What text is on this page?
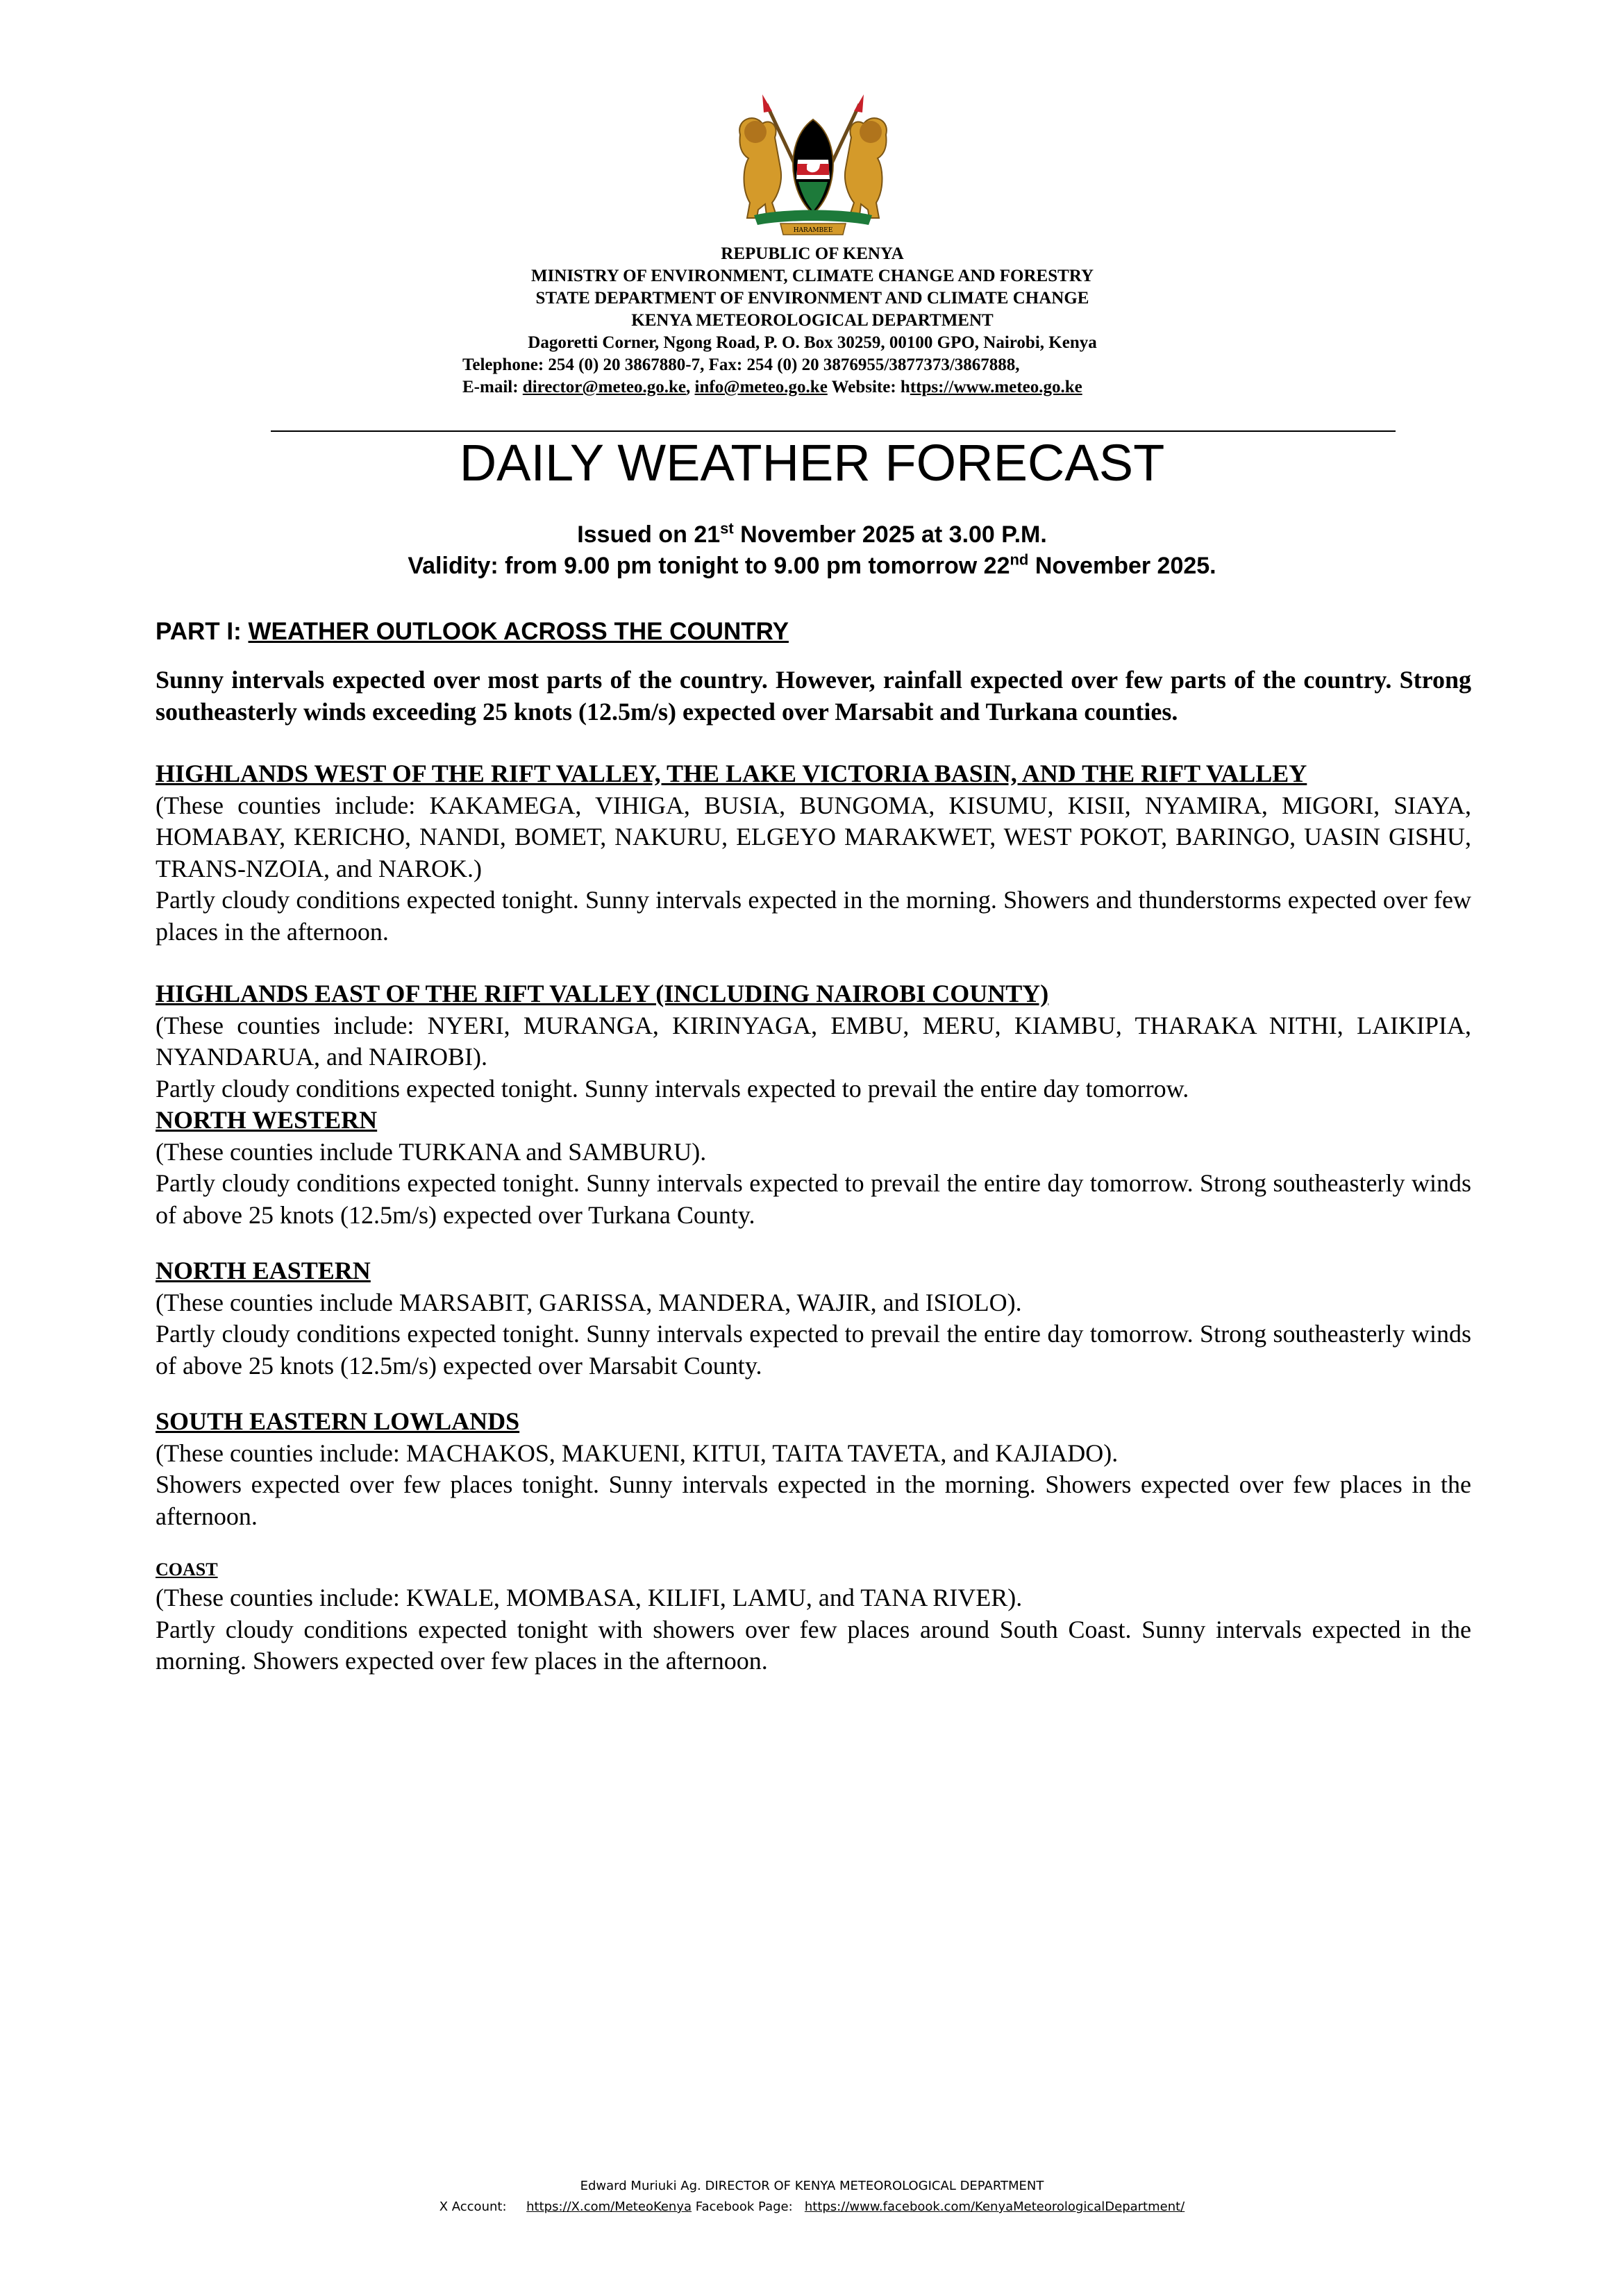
HARAMBEE
REPUBLIC OF KENYA
MINISTRY OF ENVIRONMENT, CLIMATE CHANGE AND FORESTRY
STATE DEPARTMENT OF ENVIRONMENT AND CLIMATE CHANGE
KENYA METEOROLOGICAL DEPARTMENT
Dagoretti Corner, Ngong Road, P. O. Box 30259, 00100 GPO, Nairobi, Kenya
Telephone: 254 (0) 20 3867880-7, Fax: 254 (0) 20 3876955/3877373/3867888,
E-mail: director@meteo.go.ke, info@meteo.go.ke Website: https://www.meteo.go.ke
DAILY WEATHER FORECAST
Issued on 21st November 2025 at 3.00 P.M.
Validity: from 9.00 pm tonight to 9.00 pm tomorrow 22nd November 2025.

PART I: WEATHER OUTLOOK ACROSS THE COUNTRY

Sunny intervals expected over most parts of the country. However, rainfall expected over few parts of the country. Strong southeasterly winds exceeding 25 knots (12.5m/s) expected over Marsabit and Turkana counties.

HIGHLANDS WEST OF THE RIFT VALLEY, THE LAKE VICTORIA BASIN, AND THE RIFT VALLEY
(These counties include: KAKAMEGA, VIHIGA, BUSIA, BUNGOMA, KISUMU, KISII, NYAMIRA, MIGORI, SIAYA, HOMABAY, KERICHO, NANDI, BOMET, NAKURU, ELGEYO MARAKWET, WEST POKOT, BARINGO, UASIN GISHU, TRANS-NZOIA, and NAROK.)
Partly cloudy conditions expected tonight. Sunny intervals expected in the morning. Showers and thunderstorms expected over few places in the afternoon.
HIGHLANDS EAST OF THE RIFT VALLEY (INCLUDING NAIROBI COUNTY)
(These counties include: NYERI, MURANGA, KIRINYAGA, EMBU, MERU, KIAMBU, THARAKA NITHI, LAIKIPIA, NYANDARUA, and NAIROBI).
Partly cloudy conditions expected tonight. Sunny intervals expected to prevail the entire day tomorrow.
NORTH WESTERN
(These counties include TURKANA and SAMBURU).
Partly cloudy conditions expected tonight. Sunny intervals expected to prevail the entire day tomorrow. Strong southeasterly winds of above 25 knots (12.5m/s) expected over Turkana County.
NORTH EASTERN
(These counties include MARSABIT, GARISSA, MANDERA, WAJIR, and ISIOLO).
Partly cloudy conditions expected tonight. Sunny intervals expected to prevail the entire day tomorrow. Strong southeasterly winds of above 25 knots (12.5m/s) expected over Marsabit County.
SOUTH EASTERN LOWLANDS
(These counties include: MACHAKOS, MAKUENI, KITUI, TAITA TAVETA, and KAJIADO).
Showers expected over few places tonight. Sunny intervals expected in the morning. Showers expected over few places in the afternoon.
COAST
(These counties include: KWALE, MOMBASA, KILIFI, LAMU, and TANA RIVER).
Partly cloudy conditions expected tonight with showers over few places around South Coast. Sunny intervals expected in the morning. Showers expected over few places in the afternoon.
Edward Muriuki Ag. DIRECTOR OF KENYA METEOROLOGICAL DEPARTMENT
X Account:     https://X.com/MeteoKenya Facebook Page:   https://www.facebook.com/KenyaMeteorologicalDepartment/
